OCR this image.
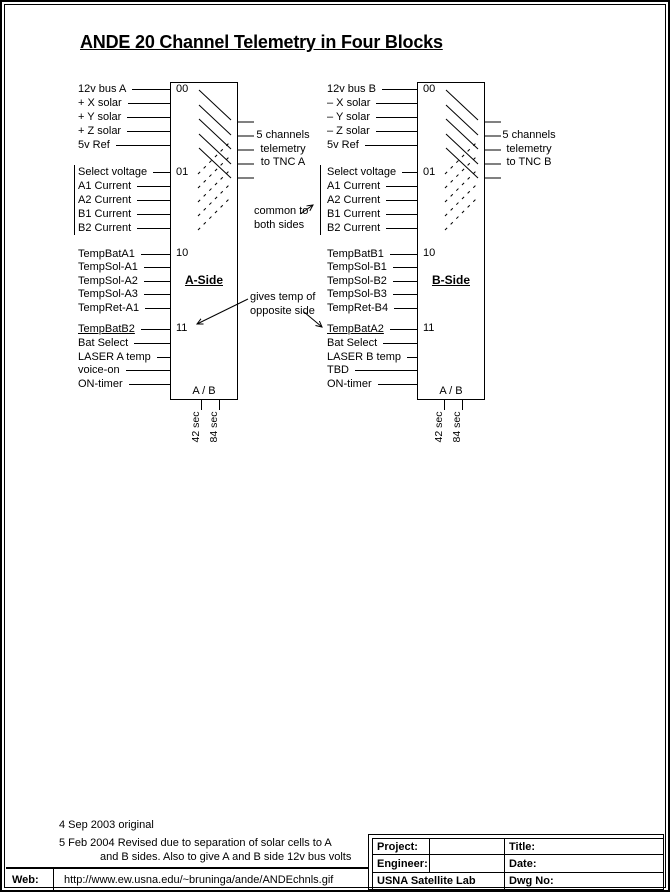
ANDE 20 Channel Telemetry in Four Blocks
00
01
10
11
A-Side
A / B
12v bus A
+ X solar
+ Y solar
+ Z solar
5v Ref
Select voltage
A1 Current
A2 Current
B1 Current
B2 Current
TempBatA1
TempSol-A1
TempSol-A2
TempSol-A3
TempRet-A1
TempBatB2
Bat Select
LASER A temp
voice-on
ON-timer
5 channels
telemetry
to TNC A
42 sec 84 sec
00
01
10
11
B-Side
A / B
12v bus B
– X solar
– Y solar
– Z solar
5v Ref
Select voltage
A1 Current
A2 Current
B1 Current
B2 Current
TempBatB1
TempSol-B1
TempSol-B2
TempSol-B3
TempRet-B4
TempBatA2
Bat Select
LASER B temp
TBD
ON-timer
5 channels
telemetry
to TNC B
42 sec 84 sec
common to
both sides
gives temp of
opposite side
4 Sep 2003 original
5 Feb 2004 Revised due to separation of solar cells to A
and B sides. Also to give A and B side 12v bus volts
Project:	Title:
Engineer:	Date:
USNA Satellite Lab	Dwg No:
Web:	http://www.ew.usna.edu/~bruninga/ande/ANDEchnls.gif
